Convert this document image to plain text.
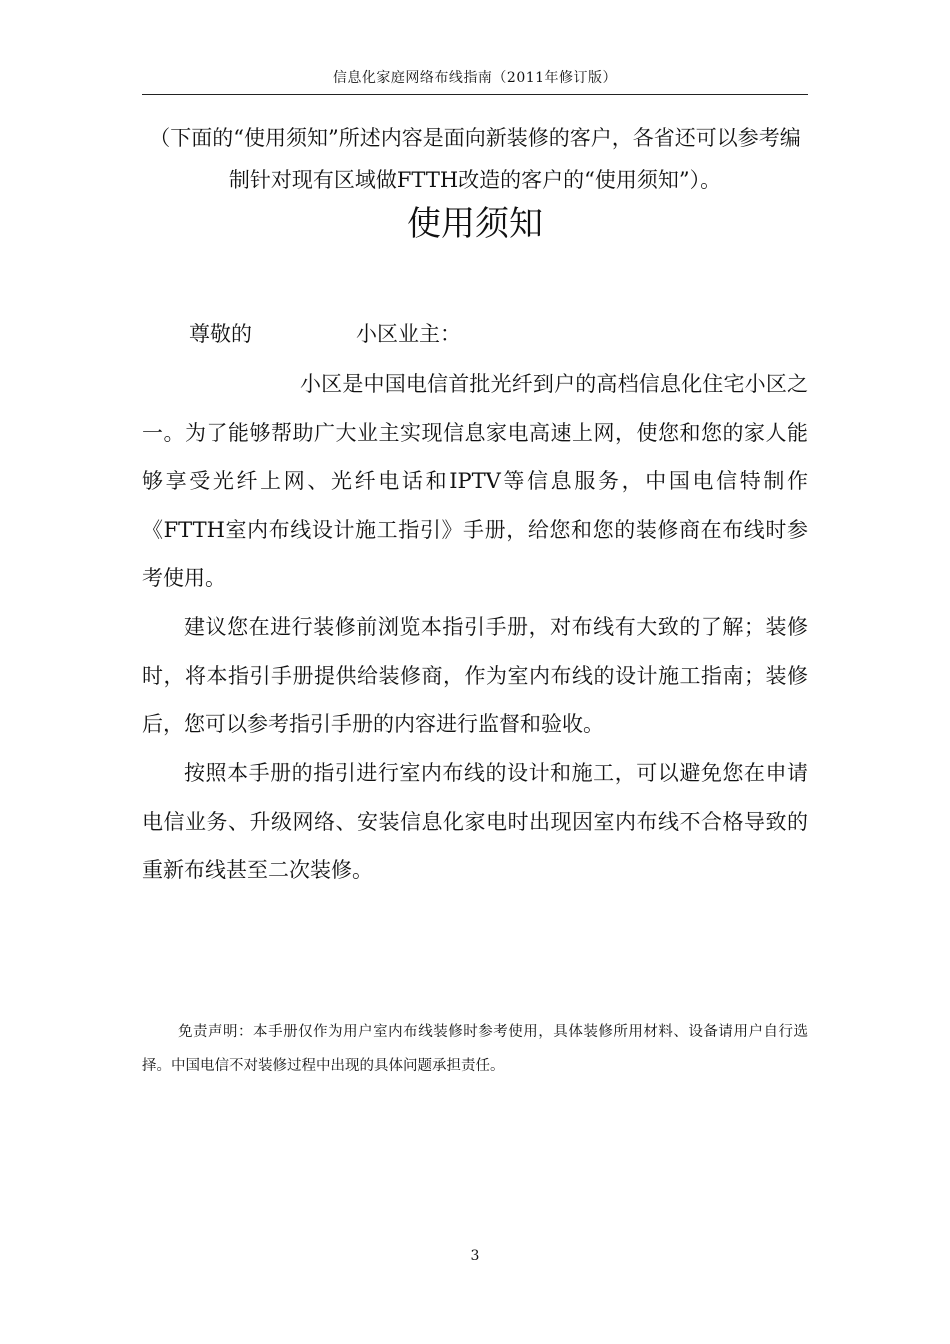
信息化家庭网络布线指南（2011年修订版）
（下面的“使用须知”所述内容是面向新装修的客户，各省还可以参考编制针对现有区域做FTTH改造的客户的“使用须知”）。
使用须知
尊敬的	小区业主：

小区是中国电信首批光纤到户的高档信息化住宅小区之一。为了能够帮助广大业主实现信息家电高速上网，使您和您的家人能够享受光纤上网、光纤电话和IPTV等信息服务，中国电信特制作《FTTH室内布线设计施工指引》手册，给您和您的装修商在布线时参考使用。

建议您在进行装修前浏览本指引手册，对布线有大致的了解；装修时，将本指引手册提供给装修商，作为室内布线的设计施工指南；装修后，您可以参考指引手册的内容进行监督和验收。

按照本手册的指引进行室内布线的设计和施工，可以避免您在申请电信业务、升级网络、安装信息化家电时出现因室内布线不合格导致的重新布线甚至二次装修。

免责声明：本手册仅作为用户室内布线装修时参考使用，具体装修所用材料、设备请用户自行选择。中国电信不对装修过程中出现的具体问题承担责任。

3
